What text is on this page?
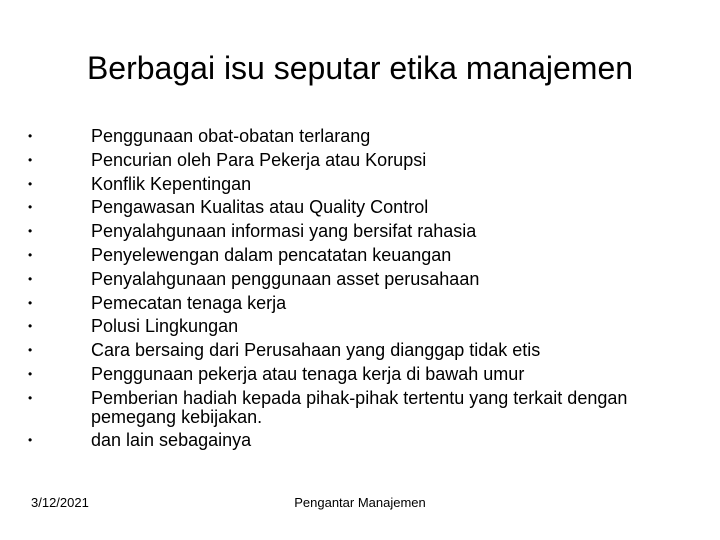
Berbagai isu seputar etika manajemen
•	Penggunaan obat-obatan terlarang
•	Pencurian oleh Para Pekerja atau Korupsi
•	Konflik Kepentingan
•	Pengawasan Kualitas atau Quality Control
•	Penyalahgunaan informasi yang bersifat rahasia
•	Penyelewengan dalam pencatatan keuangan
•	Penyalahgunaan penggunaan asset perusahaan
•	Pemecatan tenaga kerja
•	Polusi Lingkungan
•	Cara bersaing dari Perusahaan yang dianggap tidak etis
•	Penggunaan pekerja atau tenaga kerja di bawah umur
•	Pemberian hadiah kepada pihak-pihak tertentu yang terkait dengan pemegang kebijakan.
•	dan lain sebagainya
3/12/2021	Pengantar Manajemen
